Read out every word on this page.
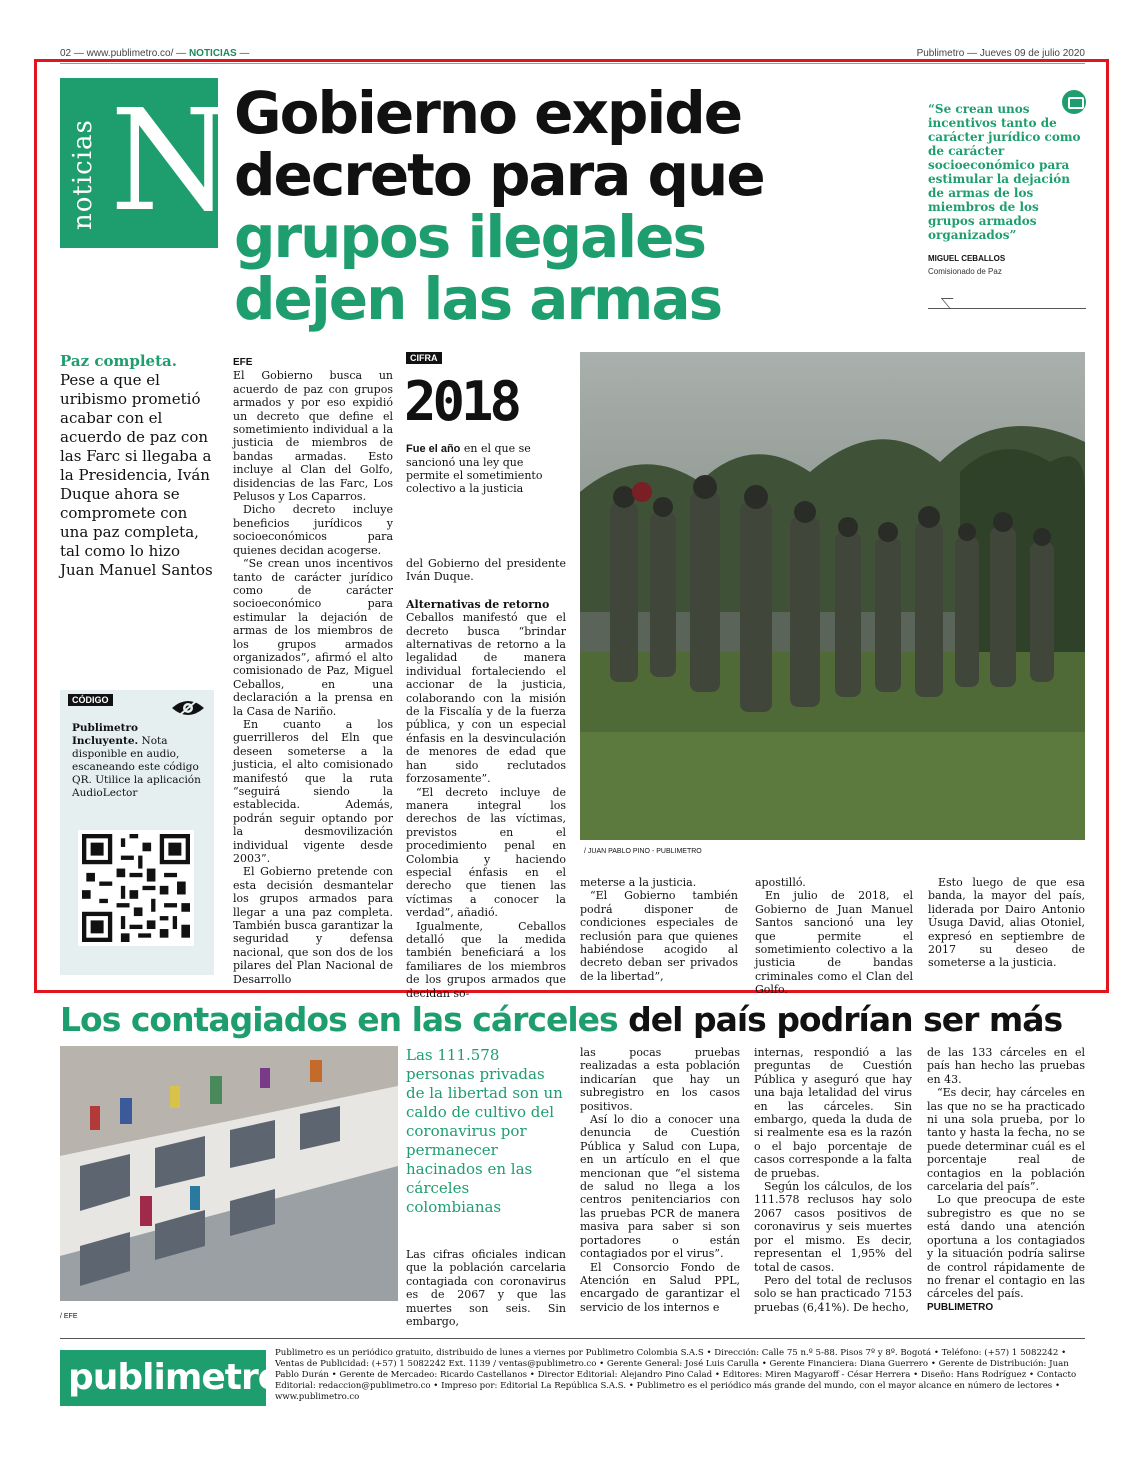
02 — www.publimetro.co/ — NOTICIAS —	Publimetro — Jueves 09 de julio 2020
noticias N Gobierno expide
decreto para que
grupos ilegales
dejen las armas
“Se crean unos incentivos tanto de carácter jurídico como de carácter socioeconómico para estimular la dejación de armas de los miembros de los grupos armados organizados”
MIGUEL CEBALLOS
Comisionado de Paz
Paz completa. Pese a que el uribismo prometió acabar con el acuerdo de paz con las Farc si llegaba a la Presidencia, Iván Duque ahora se compromete con una paz completa, tal como lo hizo Juan Manuel Santos
CÓDIGO
Publimetro Incluyente. Nota disponible en audio, escaneando este código QR. Utilice la aplicación AudioLector

EFE

El Gobierno busca un acuerdo de paz con grupos armados y por eso expidió un decreto que define el sometimiento individual a la justicia de miembros de bandas armadas. Esto incluye al Clan del Golfo, disidencias de las Farc, Los Pelusos y Los Caparros.

Dicho decreto incluye beneficios jurídicos y socioeconómicos para quienes decidan acogerse.

“Se crean unos incentivos tanto de carácter jurídico como de carácter socioeconómico para estimular la dejación de armas de los miembros de los grupos armados organizados”, afirmó el alto comisionado de Paz, Miguel Ceballos, en una declaración a la prensa en la Casa de Nariño.

En cuanto a los guerrilleros del Eln que deseen someterse a la justicia, el alto comisionado manifestó que la ruta “seguirá siendo la establecida. Además, podrán seguir optando por la desmovilización individual vigente desde 2003”.

El Gobierno pretende con esta decisión desmantelar los grupos armados para llegar a una paz completa. También busca garantizar la seguridad y defensa nacional, que son dos de los pilares del Plan Nacional de Desarrollo

CIFRA
2018
Fue el año en el que se sancionó una ley que permite el sometimiento colectivo a la justicia

del Gobierno del presidente Iván Duque.

Alternativas de retorno

Ceballos manifestó que el decreto busca “brindar alternativas de retorno a la legalidad de manera individual fortaleciendo el accionar de la justicia, colaborando con la misión de la Fiscalía y de la fuerza pública, y con un especial énfasis en la desvinculación de menores de edad que han sido reclutados forzosamente”.

“El decreto incluye de manera integral los derechos de las víctimas, previstos en el procedimiento penal en Colombia y haciendo especial énfasis en el derecho que tienen las víctimas a conocer la verdad”, añadió.

Igualmente, Ceballos detalló que la medida también beneficiará a los familiares de los miembros de los grupos armados que decidan so-

/ JUAN PABLO PINO - PUBLIMETRO

meterse a la justicia.

“El Gobierno también podrá disponer de condiciones especiales de reclusión para que quienes habiéndose acogido al decreto deban ser privados de la libertad”,

apostilló.

En julio de 2018, el Gobierno de Juan Manuel Santos sancionó una ley que permite el sometimiento colectivo a la justicia de bandas criminales como el Clan del Golfo.

Esto luego de que esa banda, la mayor del país, liderada por Dairo Antonio Úsuga David, alias Otoniel, expresó en septiembre de 2017 su deseo de someterse a la justicia.

Los contagiados en las cárceles del país podrían ser más
/ EFE
Las 111.578 personas privadas de la libertad son un caldo de cultivo del coronavirus por permanecer hacinados en las cárceles colombianas

Las cifras oficiales indican que la población carcelaria contagiada con coronavirus es de 2067 y que las muertes son seis. Sin embargo,

las pocas pruebas realizadas a esta población indicarían que hay un subregistro en los casos positivos.

Así lo dio a conocer una denuncia de Cuestión Pública y Salud con Lupa, en un artículo en el que mencionan que “el sistema de salud no llega a los centros penitenciarios con las pruebas PCR de manera masiva para saber si son portadores o están contagiados por el virus”.

El Consorcio Fondo de Atención en Salud PPL, encargado de garantizar el servicio de los internos e

internas, respondió a las preguntas de Cuestión Pública y aseguró que hay una baja letalidad del virus en las cárceles. Sin embargo, queda la duda de si realmente esa es la razón o el bajo porcentaje de casos corresponde a la falta de pruebas.

Según los cálculos, de los 111.578 reclusos hay solo 2067 casos positivos de coronavirus y seis muertes por el mismo. Es decir, representan el 1,95% del total de casos.

Pero del total de reclusos solo se han practicado 7153 pruebas (6,41%). De hecho,

de las 133 cárceles en el país han hecho las pruebas en 43.

“Es decir, hay cárceles en las que no se ha practicado ni una sola prueba, por lo tanto y hasta la fecha, no se puede determinar cuál es el porcentaje real de contagios en la población carcelaria del país”.

Lo que preocupa de este subregistro es que no se está dando una atención oportuna a los contagiados y la situación podría salirse de control rápidamente de no frenar el contagio en las cárceles del país.

PUBLIMETRO

publimetro
Publimetro es un periódico gratuito, distribuido de lunes a viernes por Publimetro Colombia S.A.S • Dirección: Calle 75 n.º 5-88. Pisos 7º y 8º. Bogotá • Teléfono: (+57) 1 5082242 • Ventas de Publicidad: (+57) 1 5082242 Ext. 1139 / ventas@publimetro.co • Gerente General: José Luis Carulla • Gerente Financiera: Diana Guerrero • Gerente de Distribución: Juan Pablo Durán • Gerente de Mercadeo: Ricardo Castellanos • Director Editorial: Alejandro Pino Calad • Editores: Miren Magyaroff - César Herrera • Diseño: Hans Rodríguez • Contacto Editorial: redaccion@publimetro.co • Impreso por: Editorial La República S.A.S. • Publimetro es el periódico más grande del mundo, con el mayor alcance en número de lectores • www.publimetro.co
